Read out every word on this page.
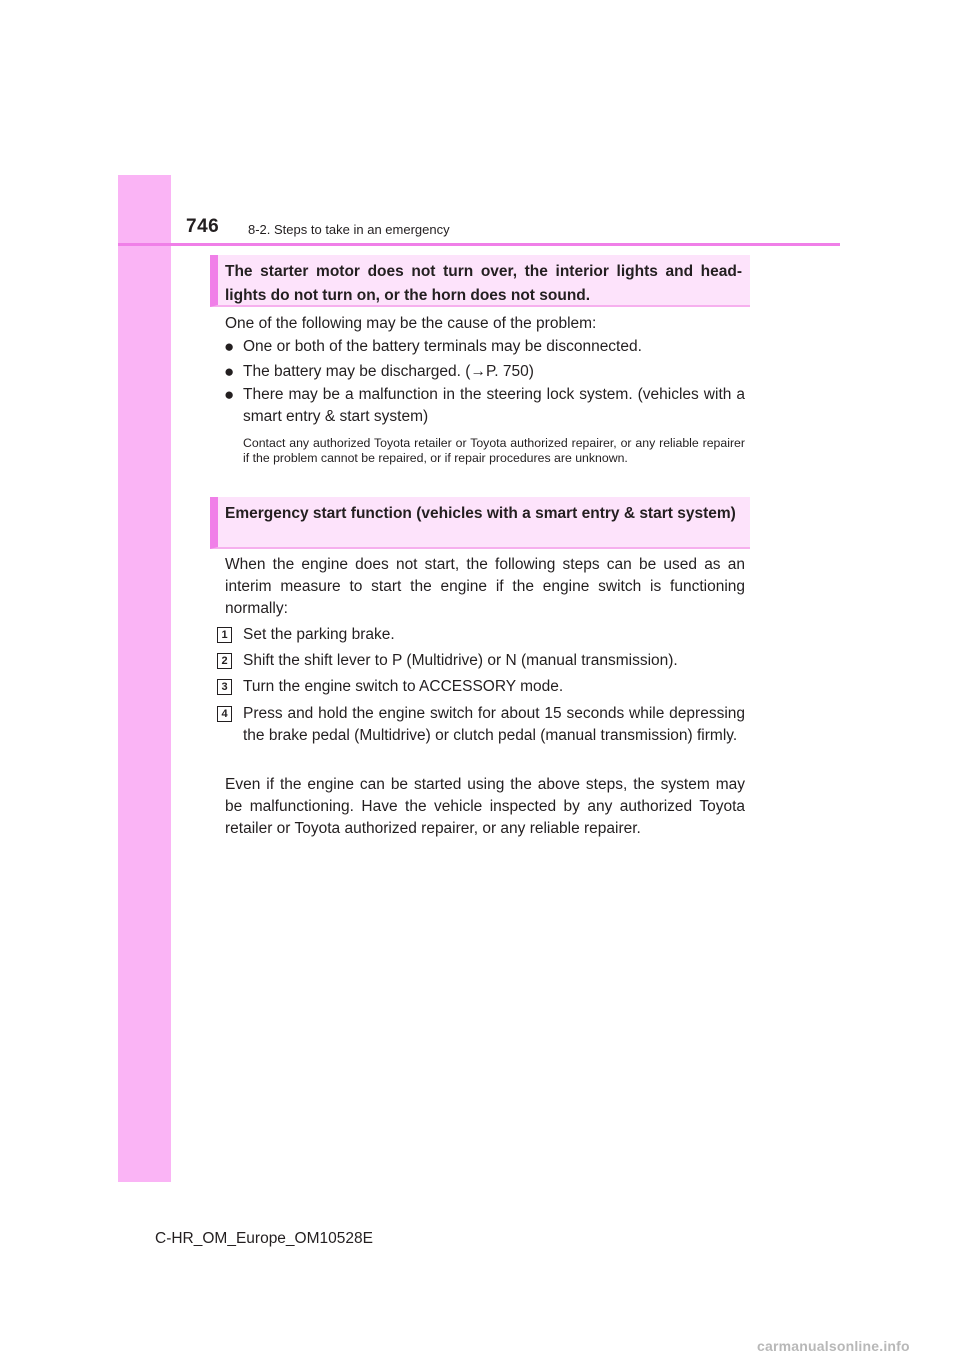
746 8-2. Steps to take in an emergency
The starter motor does not turn over, the interior lights and head-lights do not turn on, or the horn does not sound.
One of the following may be the cause of the problem:
● One or both of the battery terminals may be disconnected.
● The battery may be discharged. (→P. 750)
● There may be a malfunction in the steering lock system. (vehicles with a smart entry & start system)
Contact any authorized Toyota retailer or Toyota authorized repairer, or any reliable repairer if the problem cannot be repaired, or if repair procedures are unknown.
Emergency start function (vehicles with a smart entry & start system)
When the engine does not start, the following steps can be used as an interim measure to start the engine if the engine switch is functioning normally:
1 Set the parking brake.
2 Shift the shift lever to P (Multidrive) or N (manual transmission).
3 Turn the engine switch to ACCESSORY mode.
4 Press and hold the engine switch for about 15 seconds while depressing the brake pedal (Multidrive) or clutch pedal (manual transmission) firmly.
Even if the engine can be started using the above steps, the system may be malfunctioning. Have the vehicle inspected by any authorized Toyota retailer or Toyota authorized repairer, or any reliable repairer.
C-HR_OM_Europe_OM10528E
carmanualsonline.info
